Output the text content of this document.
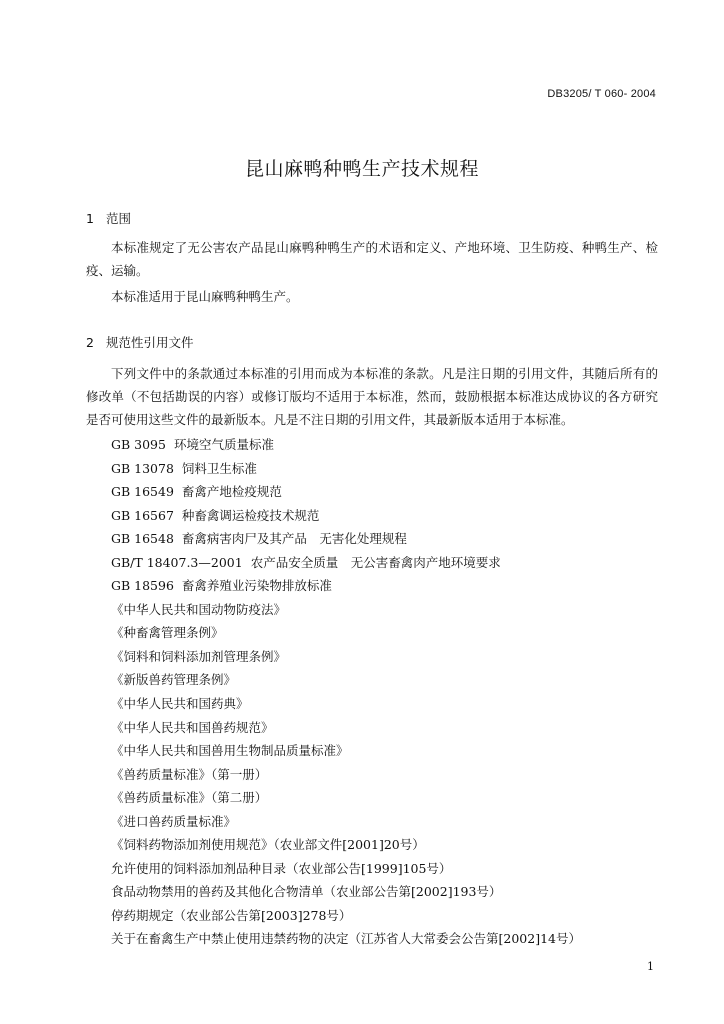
DB3205/ T 060- 2004
昆山麻鸭种鸭生产技术规程
1 范围

本标准规定了无公害农产品昆山麻鸭种鸭生产的术语和定义、产地环境、卫生防疫、种鸭生产、检疫、运输。

本标准适用于昆山麻鸭种鸭生产。

2 规范性引用文件

下列文件中的条款通过本标准的引用而成为本标准的条款。凡是注日期的引用文件，其随后所有的修改单（不包括勘误的内容）或修订版均不适用于本标准，然而，鼓励根据本标准达成协议的各方研究是否可使用这些文件的最新版本。凡是不注日期的引用文件，其最新版本适用于本标准。

GB 3095 环境空气质量标准
GB 13078 饲料卫生标准
GB 16549 畜禽产地检疫规范
GB 16567 种畜禽调运检疫技术规范
GB 16548 畜禽病害肉尸及其产品　无害化处理规程
GB/T 18407.3—2001 农产品安全质量　无公害畜禽肉产地环境要求
GB 18596 畜禽养殖业污染物排放标准
《中华人民共和国动物防疫法》
《种畜禽管理条例》
《饲料和饲料添加剂管理条例》
《新版兽药管理条例》
《中华人民共和国药典》
《中华人民共和国兽药规范》
《中华人民共和国兽用生物制品质量标准》
《兽药质量标准》（第一册）
《兽药质量标准》（第二册）
《进口兽药质量标准》
《饲料药物添加剂使用规范》（农业部文件[2001]20号）
允许使用的饲料添加剂品种目录（农业部公告[1999]105号）
食品动物禁用的兽药及其他化合物清单（农业部公告第[2002]193号）
停药期规定（农业部公告第[2003]278号）
关于在畜禽生产中禁止使用违禁药物的决定（江苏省人大常委会公告第[2002]14号）
1
